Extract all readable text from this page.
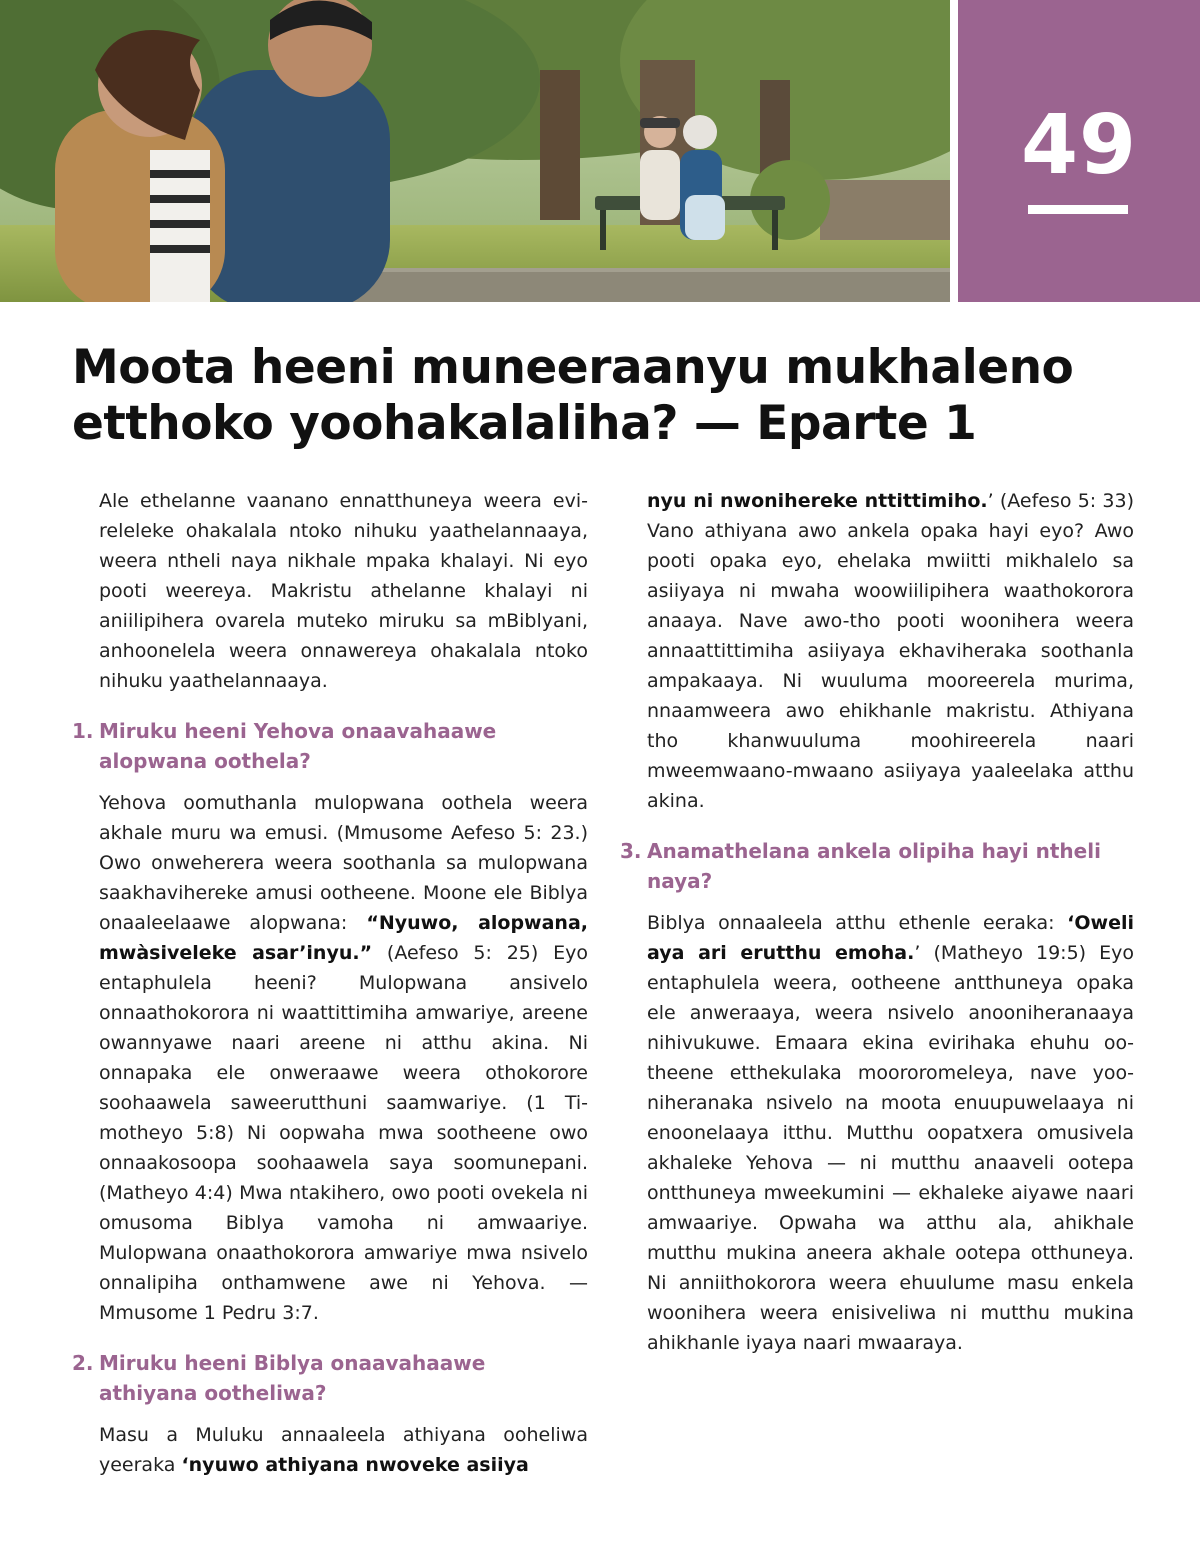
49
Moota heeni muneeraanyu mukhaleno etthoko yoohakalaliha? — Eparte 1

Ale ethelanne vaanano ennatthuneya weera evireleleke ohakalala ntoko nihuku yaathelannaaya, weera ntheli naya nikhale mpaka khalayi. Ni eyo pooti weereya. Makristu athelanne khalayi ni aniilipihera ovarela muteko miruku sa mBiblyani, anhoonelela weera onnawereya ohakalala ntoko nihuku yaathelannaaya.

1. Miruku heeni Yehova onaavahaawe alopwana oothela?

Yehova oomuthanla mulopwana oothela weera akhale muru wa emusi. (Mmusome Aefeso 5: 23.) Owo onweherera weera soothanla sa mulopwana saakhavihereke amusi ootheene. Moone ele Biblya onaaleelaawe alopwana: “Nyuwo, alopwana, mwàsiveleke asar’inyu.” (Aefeso 5: 25) Eyo entaphulela heeni? Mulopwana ansivelo onnaathokorora ni waattittimiha amwariye, areene owannyawe naari areene ni atthu akina. Ni onnapaka ele onweraawe weera othokorore soohaawela saweerutthuni saamwariye. (1 Timotheyo 5:8) Ni oopwaha mwa sootheene owo onnaakosoopa soohaawela saya soomunepani. (Matheyo 4:4) Mwa ntakihero, owo pooti ovekela ni omusoma Biblya vamoha ni amwaariye. Mulopwana onaathokorora amwariye mwa nsivelo onnalipiha onthamwene awe ni Yehova. — Mmusome 1 Pedru 3:7.

2. Miruku heeni Biblya onaavahaawe athiyana ootheliwa?

Masu a Muluku annaaleela athiyana ooheliwa yeeraka ‘nyuwo athiyana nwoveke asiiya

nyu ni nwonihereke nttittimiho.’ (Aefeso 5: 33) Vano athiyana awo ankela opaka hayi eyo? Awo pooti opaka eyo, ehelaka mwiitti mikhalelo sa asiiyaya ni mwaha woowiilipihera waathokorora anaaya. Nave awo-tho pooti woonihera weera annaattittimiha asiiyaya ekhaviheraka soothanla ampakaaya. Ni wuuluma mooreerela murima, nnaamweera awo ehikhanle makristu. Athiyana tho khanwuuluma moohireerela naari mweemwaano-mwaano asiiyaya yaaleelaka atthu akina.

3. Anamathelana ankela olipiha hayi ntheli naya?

Biblya onnaaleela atthu ethenle eeraka: ‘Oweli aya ari erutthu emoha.’ (Matheyo 19:5) Eyo entaphulela weera, ootheene antthuneya opaka ele anweraaya, weera nsivelo anooniheranaaya nihivukuwe. Emaara ekina evirihaka ehuhu ootheene etthekulaka moororomeleya, nave yooniheranaka nsivelo na moota enuupuwelaaya ni enoonelaaya itthu. Mutthu oopatxera omusivela akhaleke Yehova — ni mutthu anaaveli ootepa ontthuneya mweekumini — ekhaleke aiyawe naari amwaariye. Opwaha wa atthu ala, ahikhale mutthu mukina aneera akhale ootepa otthuneya. Ni anniithokorora weera ehuulume masu enkela woonihera weera enisiveliwa ni mutthu mukina ahikhanle iyaya naari mwaaraya.
